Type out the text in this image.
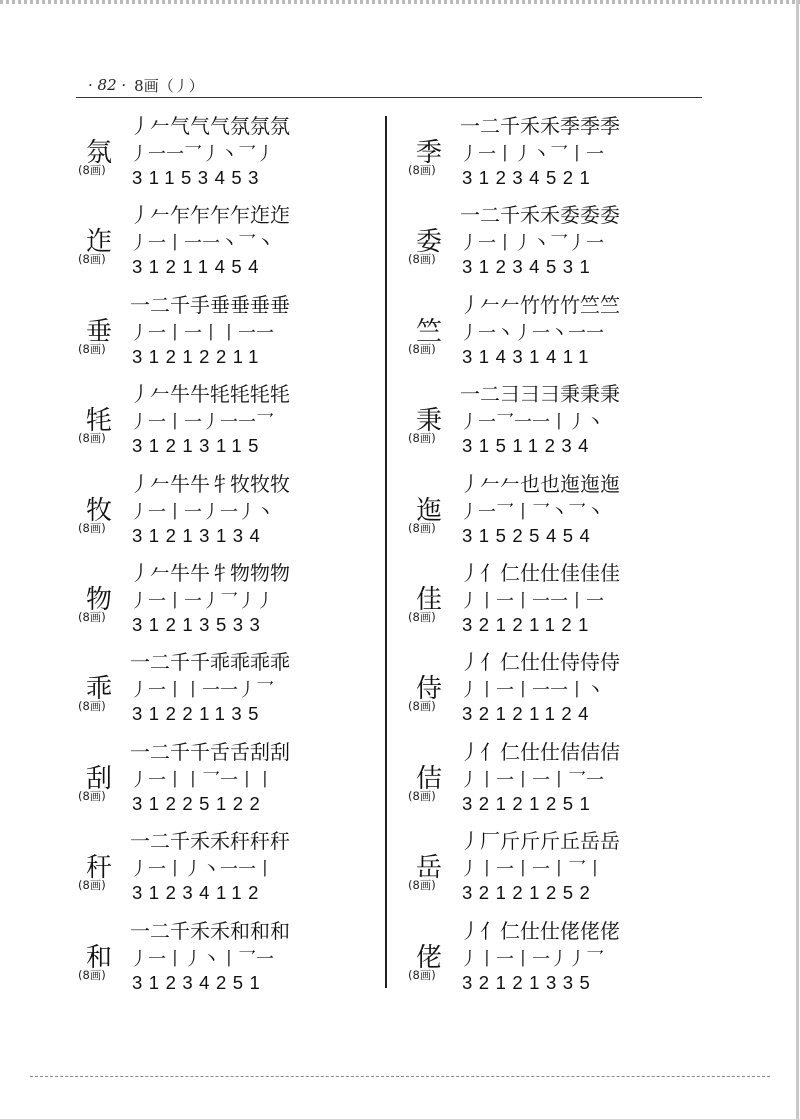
· 82 · 8画（丿）
氛
(8画)
丿𠂉气气气氛氛氛
丿一一乛丿丶乛丿
31153453
迮
(8画)
丿𠂉乍乍乍乍迮迮
丿一丨一一丶乛丶
31211454
垂
(8画)
一二千手垂垂垂垂
丿一丨一丨丨一一
31212211
牦
(8画)
丿𠂉牛牛牦牦牦牦
丿一丨一丿一一乛
31213115
牧
(8画)
丿𠂉牛牛牜牧牧牧
丿一丨一丿一丿丶
31213134
物
(8画)
丿𠂉牛牛牜物物物
丿一丨一丿乛丿丿
31213533
乖
(8画)
一二千千乖乖乖乖
丿一丨丨一一丿乛
31221135
刮
(8画)
一二千千舌舌刮刮
丿一丨丨乛一丨丨
31225122
秆
(8画)
一二千禾禾秆秆秆
丿一丨丿丶一一丨
31234112
和
(8画)
一二千禾禾和和和
丿一丨丿丶丨乛一
31234251
季
(8画)
一二千禾禾季季季
丿一丨丿丶乛丨一
31234521
委
(8画)
一二千禾禾委委委
丿一丨丿丶乛丿一
31234531
竺
(8画)
丿𠂉𠂉竹竹竹竺竺
丿一丶丿一丶一一
31431411
秉
(8画)
一二彐彐彐秉秉秉
丿一乛一一丨丿丶
31511234
迤
(8画)
丿𠂉𠂉也也迤迤迤
丿一乛丨乛丶乛丶
31525454
佳
(8画)
丿亻仁仕仕佳佳佳
丿丨一丨一一丨一
32121121
侍
(8画)
丿亻仁仕仕侍侍侍
丿丨一丨一一丨丶
32121124
佶
(8画)
丿亻仁仕仕佶佶佶
丿丨一丨一丨乛一
32121251
岳
(8画)
丿厂斤斤斤丘岳岳
丿丨一丨一丨乛丨
32121252
佬
(8画)
丿亻仁仕仕佬佬佬
丿丨一丨一丿丿乛
32121335
